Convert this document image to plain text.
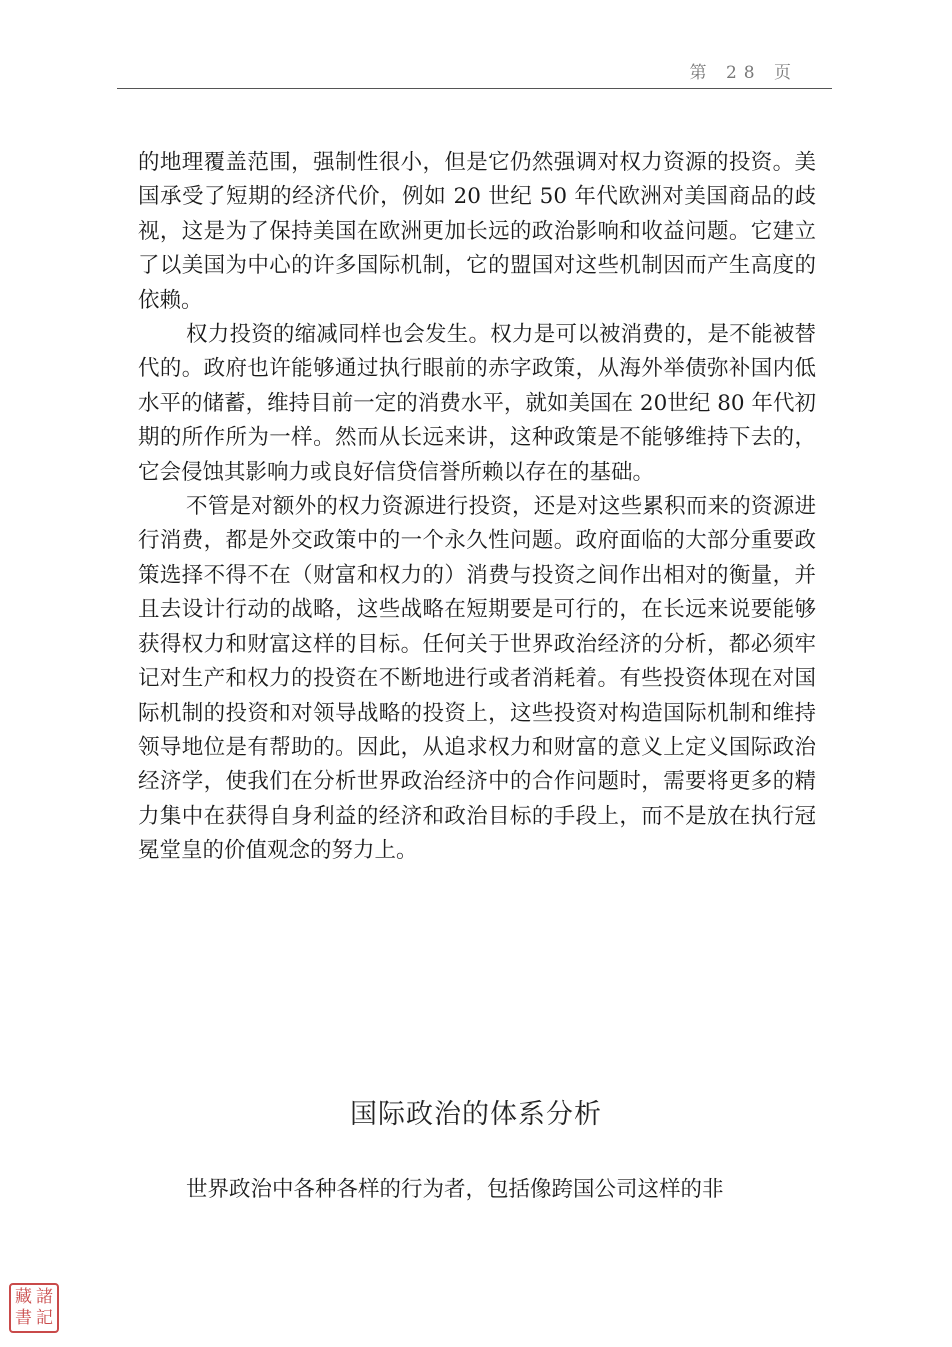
第 28 页

的地理覆盖范围，强制性很小，但是它仍然强调对权力资源的投资。美国承受了短期的经济代价，例如 20 世纪 50 年代欧洲对美国商品的歧视，这是为了保持美国在欧洲更加长远的政治影响和收益问题。它建立了以美国为中心的许多国际机制，它的盟国对这些机制因而产生高度的依赖。

权力投资的缩减同样也会发生。权力是可以被消费的，是不能被替代的。政府也许能够通过执行眼前的赤字政策，从海外举债弥补国内低水平的储蓄，维持目前一定的消费水平，就如美国在 20世纪 80 年代初期的所作所为一样。然而从长远来讲，这种政策是不能够维持下去的，它会侵蚀其影响力或良好信贷信誉所赖以存在的基础。

不管是对额外的权力资源进行投资，还是对这些累积而来的资源进行消费，都是外交政策中的一个永久性问题。政府面临的大部分重要政策选择不得不在（财富和权力的）消费与投资之间作出相对的衡量，并且去设计行动的战略，这些战略在短期要是可行的，在长远来说要能够获得权力和财富这样的目标。任何关于世界政治经济的分析，都必须牢记对生产和权力的投资在不断地进行或者消耗着。有些投资体现在对国际机制的投资和对领导战略的投资上，这些投资对构造国际机制和维持领导地位是有帮助的。因此，从追求权力和财富的意义上定义国际政治经济学，使我们在分析世界政治经济中的合作问题时，需要将更多的精力集中在获得自身利益的经济和政治目标的手段上，而不是放在执行冠冕堂皇的价值观念的努力上。

国际政治的体系分析

世界政治中各种各样的行为者，包括像跨国公司这样的非

藏 諸
書 記
